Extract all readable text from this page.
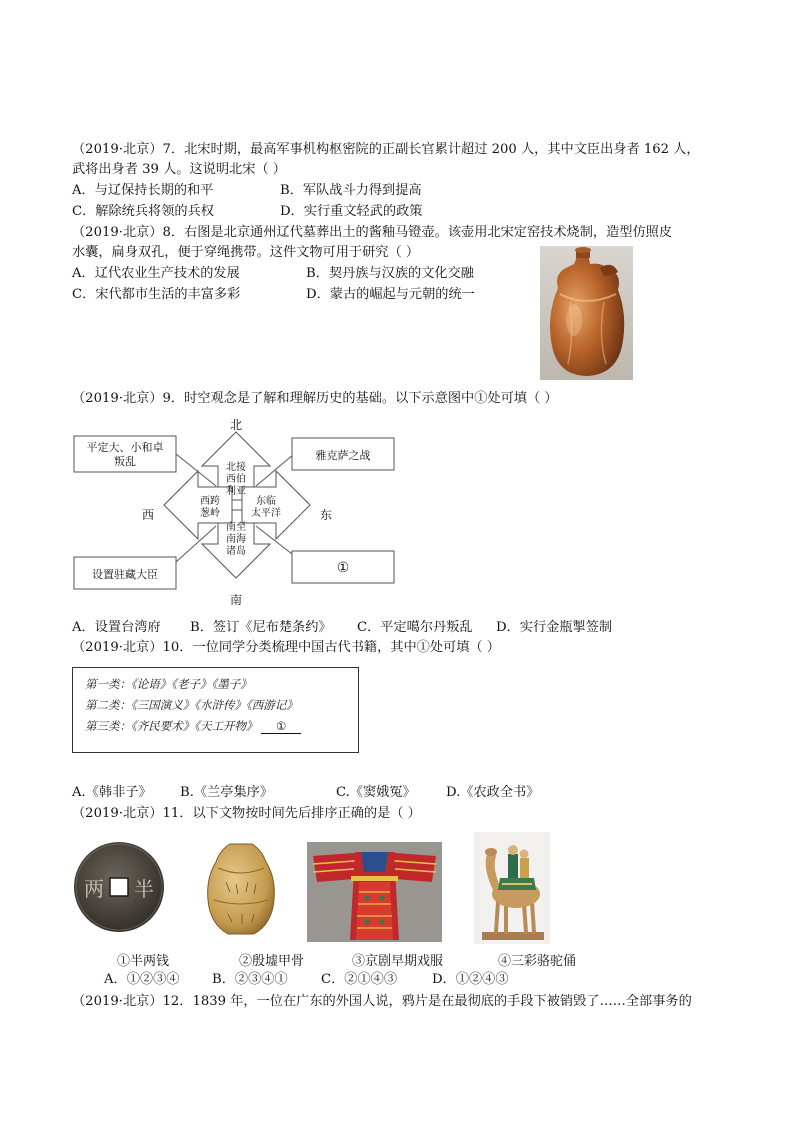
（2019·北京）7．北宋时期，最高军事机构枢密院的正副长官累计超过 200 人，其中文臣出身者 162 人，
武将出身者 39 人。这说明北宋（ ）
A．与辽保持长期的和平	B．军队战斗力得到提高
C．解除统兵将领的兵权	D．实行重文轻武的政策
（2019·北京）8．右图是北京通州辽代墓葬出土的酱釉马镫壶。该壶用北宋定窑技术烧制，造型仿照皮
水囊，扁身双孔，便于穿绳携带。这件文物可用于研究（ ）
A．辽代农业生产技术的发展	B．契丹族与汉族的文化交融
C．宋代都市生活的丰富多彩	D．蒙古的崛起与元朝的统一
（2019·北京）9．时空观念是了解和理解历史的基础。以下示意图中①处可填（ ）
北
南
西	东
北接
西伯
利亚
西跨
葱岭
东临
太平洋
南至
南海
诸岛
平定大、小和卓
叛乱	雅克萨之战
设置驻藏大臣	①
A．设置台湾府 B．签订《尼布楚条约》 C．平定噶尔丹叛乱 D．实行金瓶掣签制
（2019·北京）10．一位同学分类梳理中国古代书籍，其中①处可填（ ）
第一类：《论语》《老子》《墨子》
第二类：《三国演义》《水浒传》《西游记》
第三类：《齐民要术》《天工开物》 ①
A.《韩非子》 B.《兰亭集序》	C.《窦娥冤》 D.《农政全书》
（2019·北京）11．以下文物按时间先后排序正确的是（ ）
两 半
①半两钱	②殷墟甲骨	③京剧早期戏服	④三彩骆驼俑
A．①②③④ B．②③④①	C．②①④③	D．①②④③
（2019·北京）12．1839 年，一位在广东的外国人说，鸦片是在最彻底的手段下被销毁了……全部事务的
